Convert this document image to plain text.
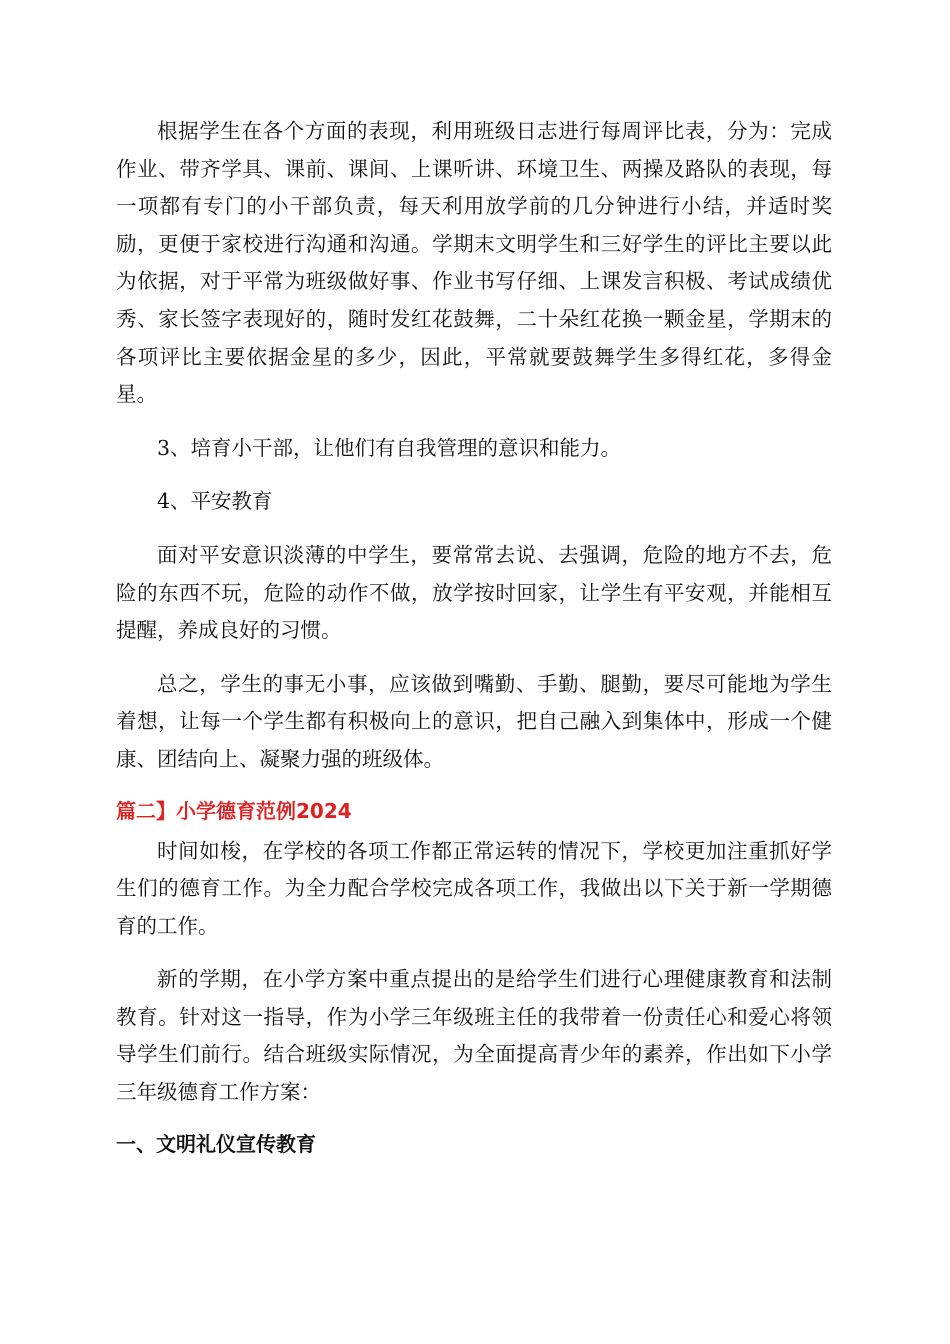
根据学生在各个方面的表现，利用班级日志进行每周评比表，分为：完成作业、带齐学具、课前、课间、上课听讲、环境卫生、两操及路队的表现，每一项都有专门的小干部负责，每天利用放学前的几分钟进行小结，并适时奖励，更便于家校进行沟通和沟通。学期末文明学生和三好学生的评比主要以此为依据，对于平常为班级做好事、作业书写仔细、上课发言积极、考试成绩优秀、家长签字表现好的，随时发红花鼓舞，二十朵红花换一颗金星，学期末的各项评比主要依据金星的多少，因此，平常就要鼓舞学生多得红花，多得金星。

3、培育小干部，让他们有自我管理的意识和能力。

4、平安教育

面对平安意识淡薄的中学生，要常常去说、去强调，危险的地方不去，危险的东西不玩，危险的动作不做，放学按时回家，让学生有平安观，并能相互提醒，养成良好的习惯。

总之，学生的事无小事，应该做到嘴勤、手勤、腿勤，要尽可能地为学生着想，让每一个学生都有积极向上的意识，把自己融入到集体中，形成一个健康、团结向上、凝聚力强的班级体。

篇二】小学德育范例2024

时间如梭，在学校的各项工作都正常运转的情况下，学校更加注重抓好学生们的德育工作。为全力配合学校完成各项工作，我做出以下关于新一学期德育的工作。

新的学期，在小学方案中重点提出的是给学生们进行心理健康教育和法制教育。针对这一指导，作为小学三年级班主任的我带着一份责任心和爱心将领导学生们前行。结合班级实际情况，为全面提高青少年的素养，作出如下小学三年级德育工作方案：

一、文明礼仪宣传教育
